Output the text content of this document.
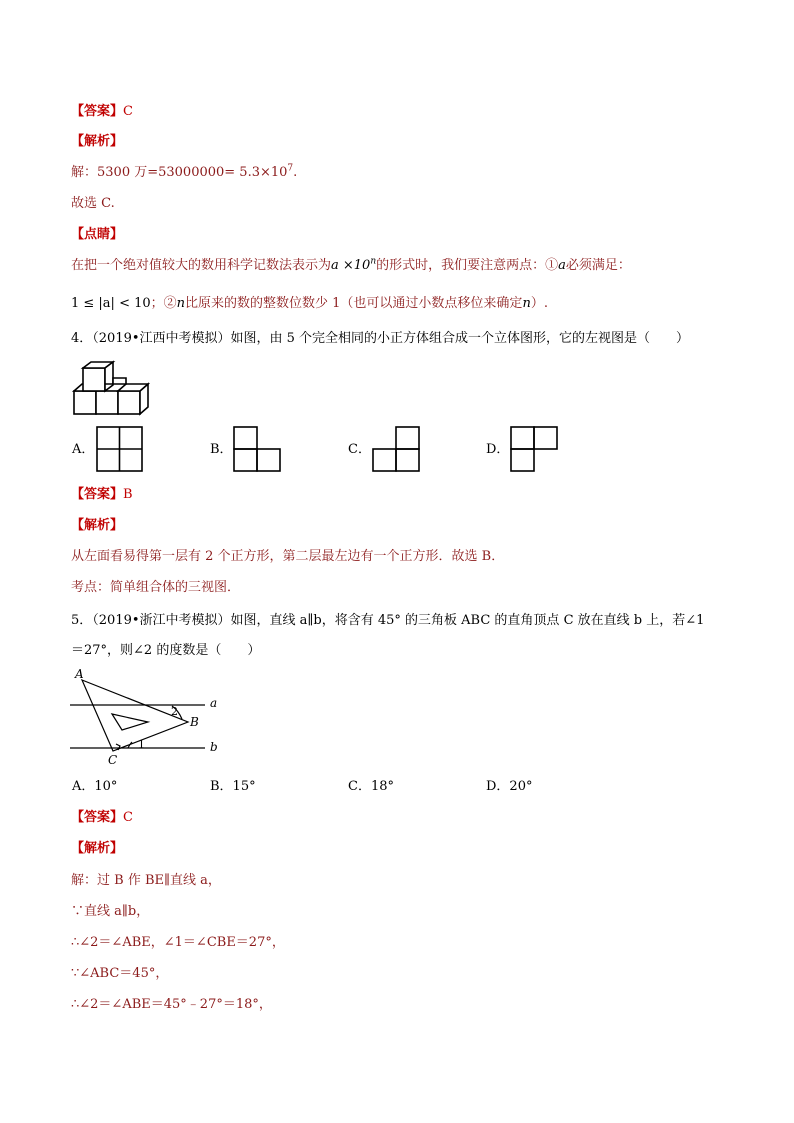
【答案】C
【解析】
解：5300 万$=53000000= 5.3\times 10^7$.
故选 C.
【点睛】
在把一个绝对值较大的数用科学记数法表示为$a \times 10^n$的形式时，我们要注意两点：①a必须满足：
1 ≤ |a| < 10；②n比原来的数的整数位数少 1（也可以通过小数点移位来确定n）.
4．（2019•江西中考模拟）如图，由 5 个完全相同的小正方体组合成一个立体图形，它的左视图是（　　）
A．	B．	C．	D．
【答案】B
【解析】
从左面看易得第一层有 2 个正方形，第二层最左边有一个正方形．故选 B．
考点：简单组合体的三视图．
5．（2019•浙江中考模拟）如图，直线 a∥b，将含有 45° 的三角板 ABC 的直角顶点 C 放在直线 b 上，若∠1
＝27°，则∠2 的度数是（　　）
A
B
C
a
b
2
1
A．10°	B．15°	C．18°	D．20°
【答案】C
【解析】
解：过 B 作 BE∥直线 a，
∵直线 a∥b，
∴∠2＝∠ABE，∠1＝∠CBE＝27°，
∵∠ABC＝45°，
∴∠2＝∠ABE＝45°﹣27°＝18°，
